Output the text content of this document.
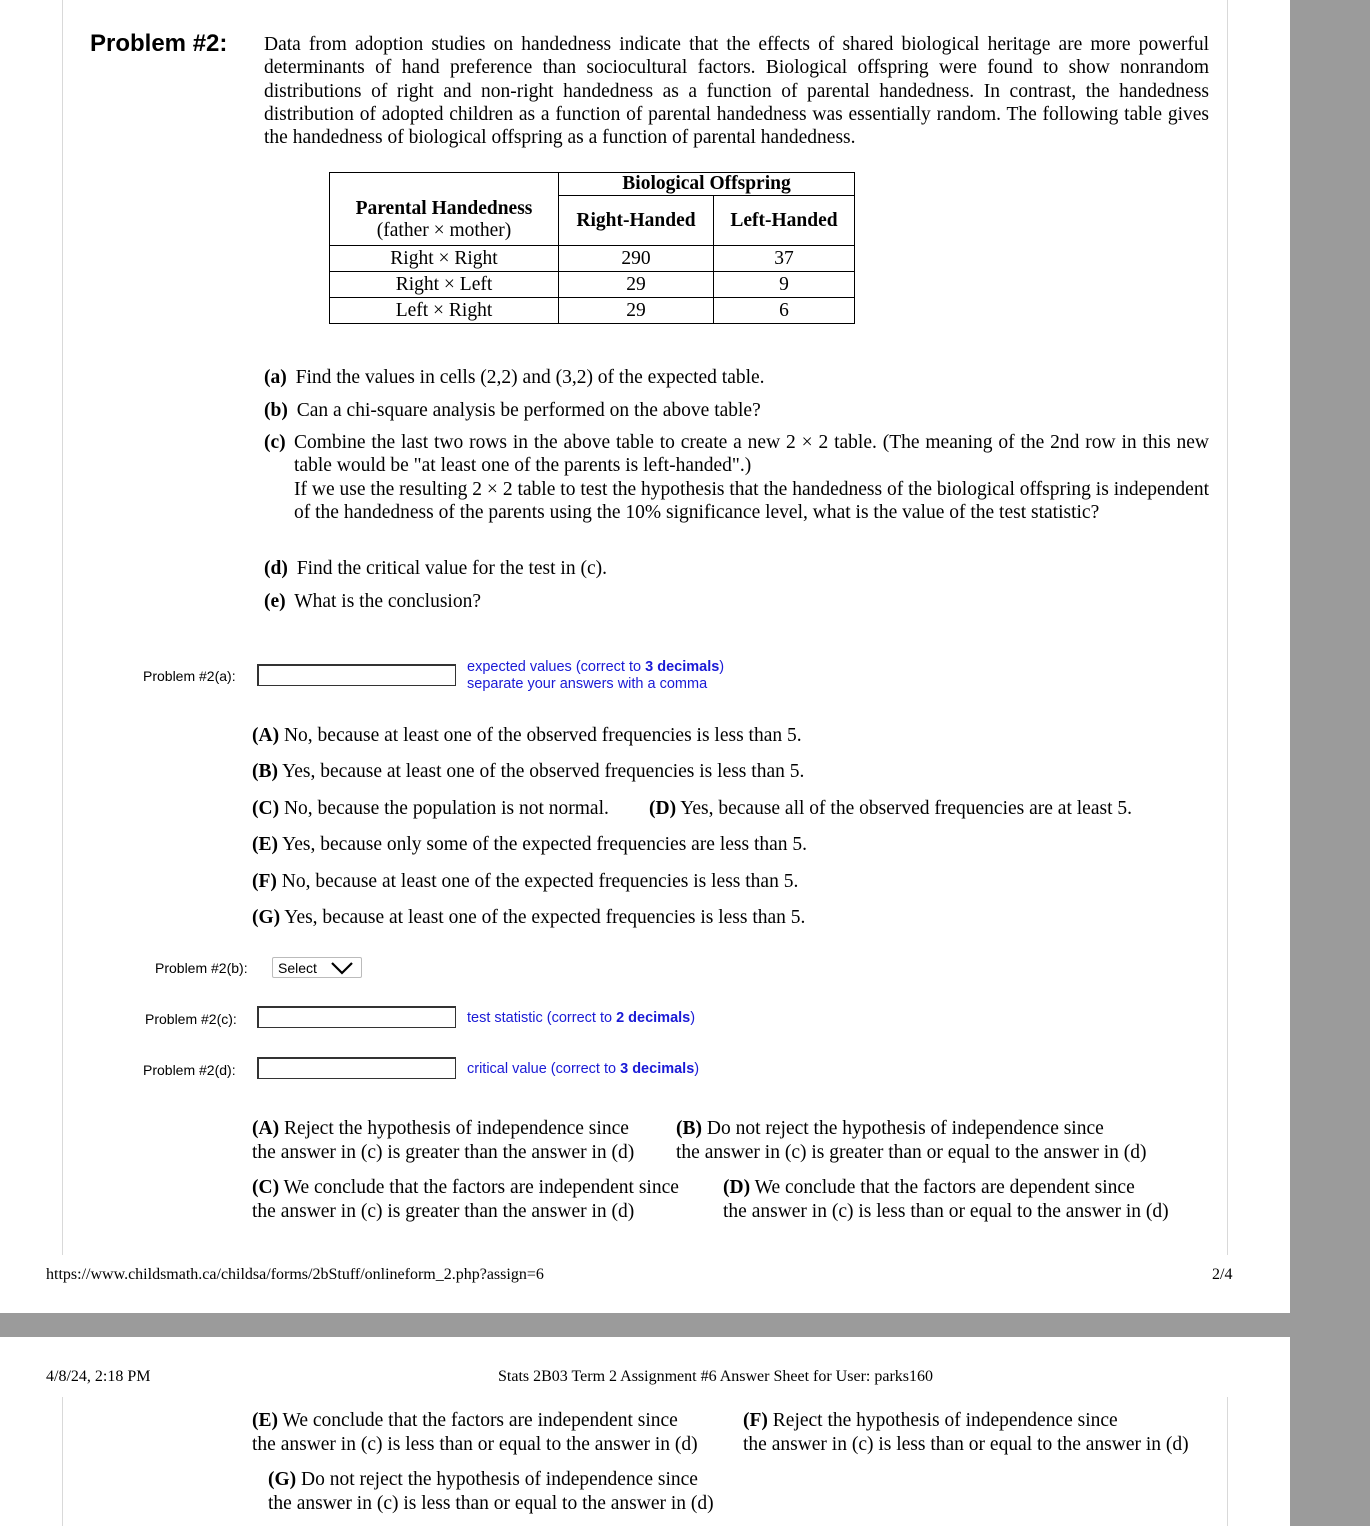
Problem #2: Data from adoption studies on handedness indicate that the effects of shared biological heritage are more powerful determinants of hand preference than sociocultural factors. Biological offspring were found to show nonrandom distributions of right and non-right handedness as a function of parental handedness. In contrast, the handedness distribution of adopted children as a function of parental handedness was essentially random. The following table gives the handedness of biological offspring as a function of parental handedness.
	Biological Offspring	
Parental Handedness
(father × mother)	Right-Handed	Left-Handed
Right × Right	290	37
Right × Left	29	9
Left × Right	29	6
(a) Find the values in cells (2,2) and (3,2) of the expected table.
(b) Can a chi-square analysis be performed on the above table?
(c) Combine the last two rows in the above table to create a new 2 × 2 table. (The meaning of the 2nd row in this new table would be "at least one of the parents is left-handed".)
If we use the resulting 2 × 2 table to test the hypothesis that the handedness of the biological offspring is independent of the handedness of the parents using the 10% significance level, what is the value of the test statistic?
(d) Find the critical value for the test in (c).
(e) What is the conclusion?
Problem #2(a):
expected values (correct to 3 decimals)
separate your answers with a comma
(A) No, because at least one of the observed frequencies is less than 5.
(B) Yes, because at least one of the observed frequencies is less than 5.
(C) No, because the population is not normal. (D) Yes, because all of the observed frequencies are at least 5.
(E) Yes, because only some of the expected frequencies are less than 5.
(F) No, because at least one of the expected frequencies is less than 5.
(G) Yes, because at least one of the expected frequencies is less than 5.
Problem #2(b):	Select
Problem #2(c):	test statistic (correct to 2 decimals)
Problem #2(d):	critical value (correct to 3 decimals)
(A) Reject the hypothesis of independence since
the answer in (c) is greater than the answer in (d)
(B) Do not reject the hypothesis of independence since
the answer in (c) is greater than or equal to the answer in (d)
(C) We conclude that the factors are independent since
the answer in (c) is greater than the answer in (d)
(D) We conclude that the factors are dependent since
the answer in (c) is less than or equal to the answer in (d)
https://www.childsmath.ca/childsa/forms/2bStuff/onlineform_2.php?assign=6	2/4
4/8/24, 2:18 PM	Stats 2B03 Term 2 Assignment #6 Answer Sheet for User: parks160
(E) We conclude that the factors are independent since
the answer in (c) is less than or equal to the answer in (d)
(F) Reject the hypothesis of independence since
the answer in (c) is less than or equal to the answer in (d)
(G) Do not reject the hypothesis of independence since
the answer in (c) is less than or equal to the answer in (d)
